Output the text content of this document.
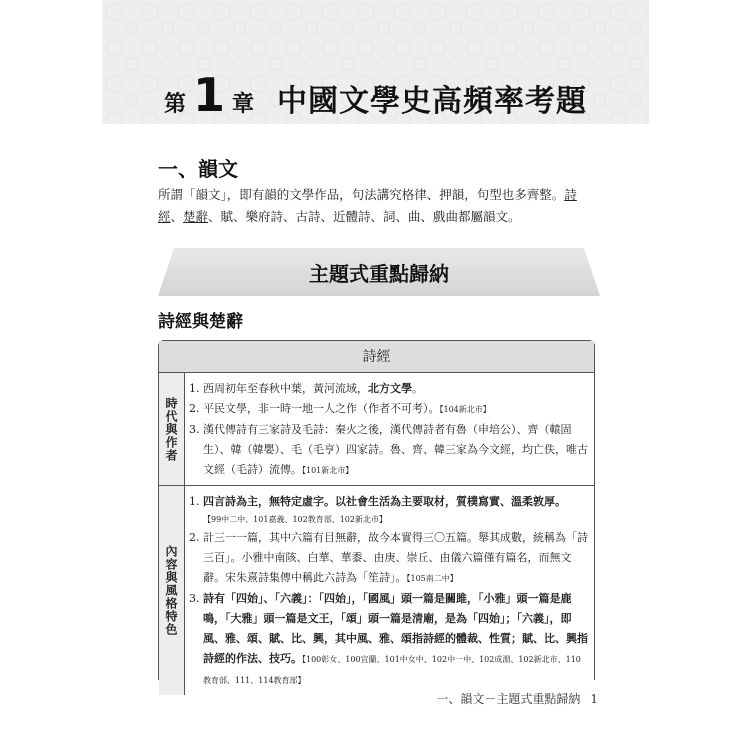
第 1 章 中國文學史高頻率考題
一、韻文
所謂「韻文」，即有韻的文學作品，句法講究格律、押韻，句型也多齊整。詩經、楚辭、賦、樂府詩、古詩、近體詩、詞、曲、戲曲都屬韻文。
主題式重點歸納
詩經與楚辭
詩經
時代與作者
1. 西周初年至春秋中葉，黃河流域，北方文學。
2. 平民文學，非一時一地一人之作（作者不可考）。【104新北市】
3. 漢代傳詩有三家詩及毛詩：秦火之後，漢代傳詩者有魯（申培公）、齊（轅固生）、韓（韓嬰）、毛（毛亨）四家詩。魯、齊、韓三家為今文經，均亡佚，唯古文經（毛詩）流傳。【101新北市】
內容與風格特色
1. 四言詩為主，無特定虛字。以社會生活為主要取材，質樸寫實、溫柔敦厚。
【99中二中、101嘉義、102教育部、102新北市】
2. 計三一一篇，其中六篇有目無辭，故今本實得三〇五篇。舉其成數，統稱為「詩三百」。小雅中南陔、白華、華黍、由庚、崇丘、由儀六篇僅有篇名，而無文辭。宋朱熹詩集傳中稱此六詩為「笙詩」。【105南二中】
3. 詩有「四始」、「六義」：「四始」，「國風」頭一篇是關雎，「小雅」頭一篇是鹿鳴，「大雅」頭一篇是文王，「頌」頭一篇是清廟，是為「四始」；「六義」，即風、雅、頌、賦、比、興，其中風、雅、頌指詩經的體裁、性質；賦、比、興指詩經的作法、技巧。【100彰女、100宜蘭、101中女中、102中一中、102成淵、102新北市、110教育部、111、114教育部】
一、韻文－主題式重點歸納 1
